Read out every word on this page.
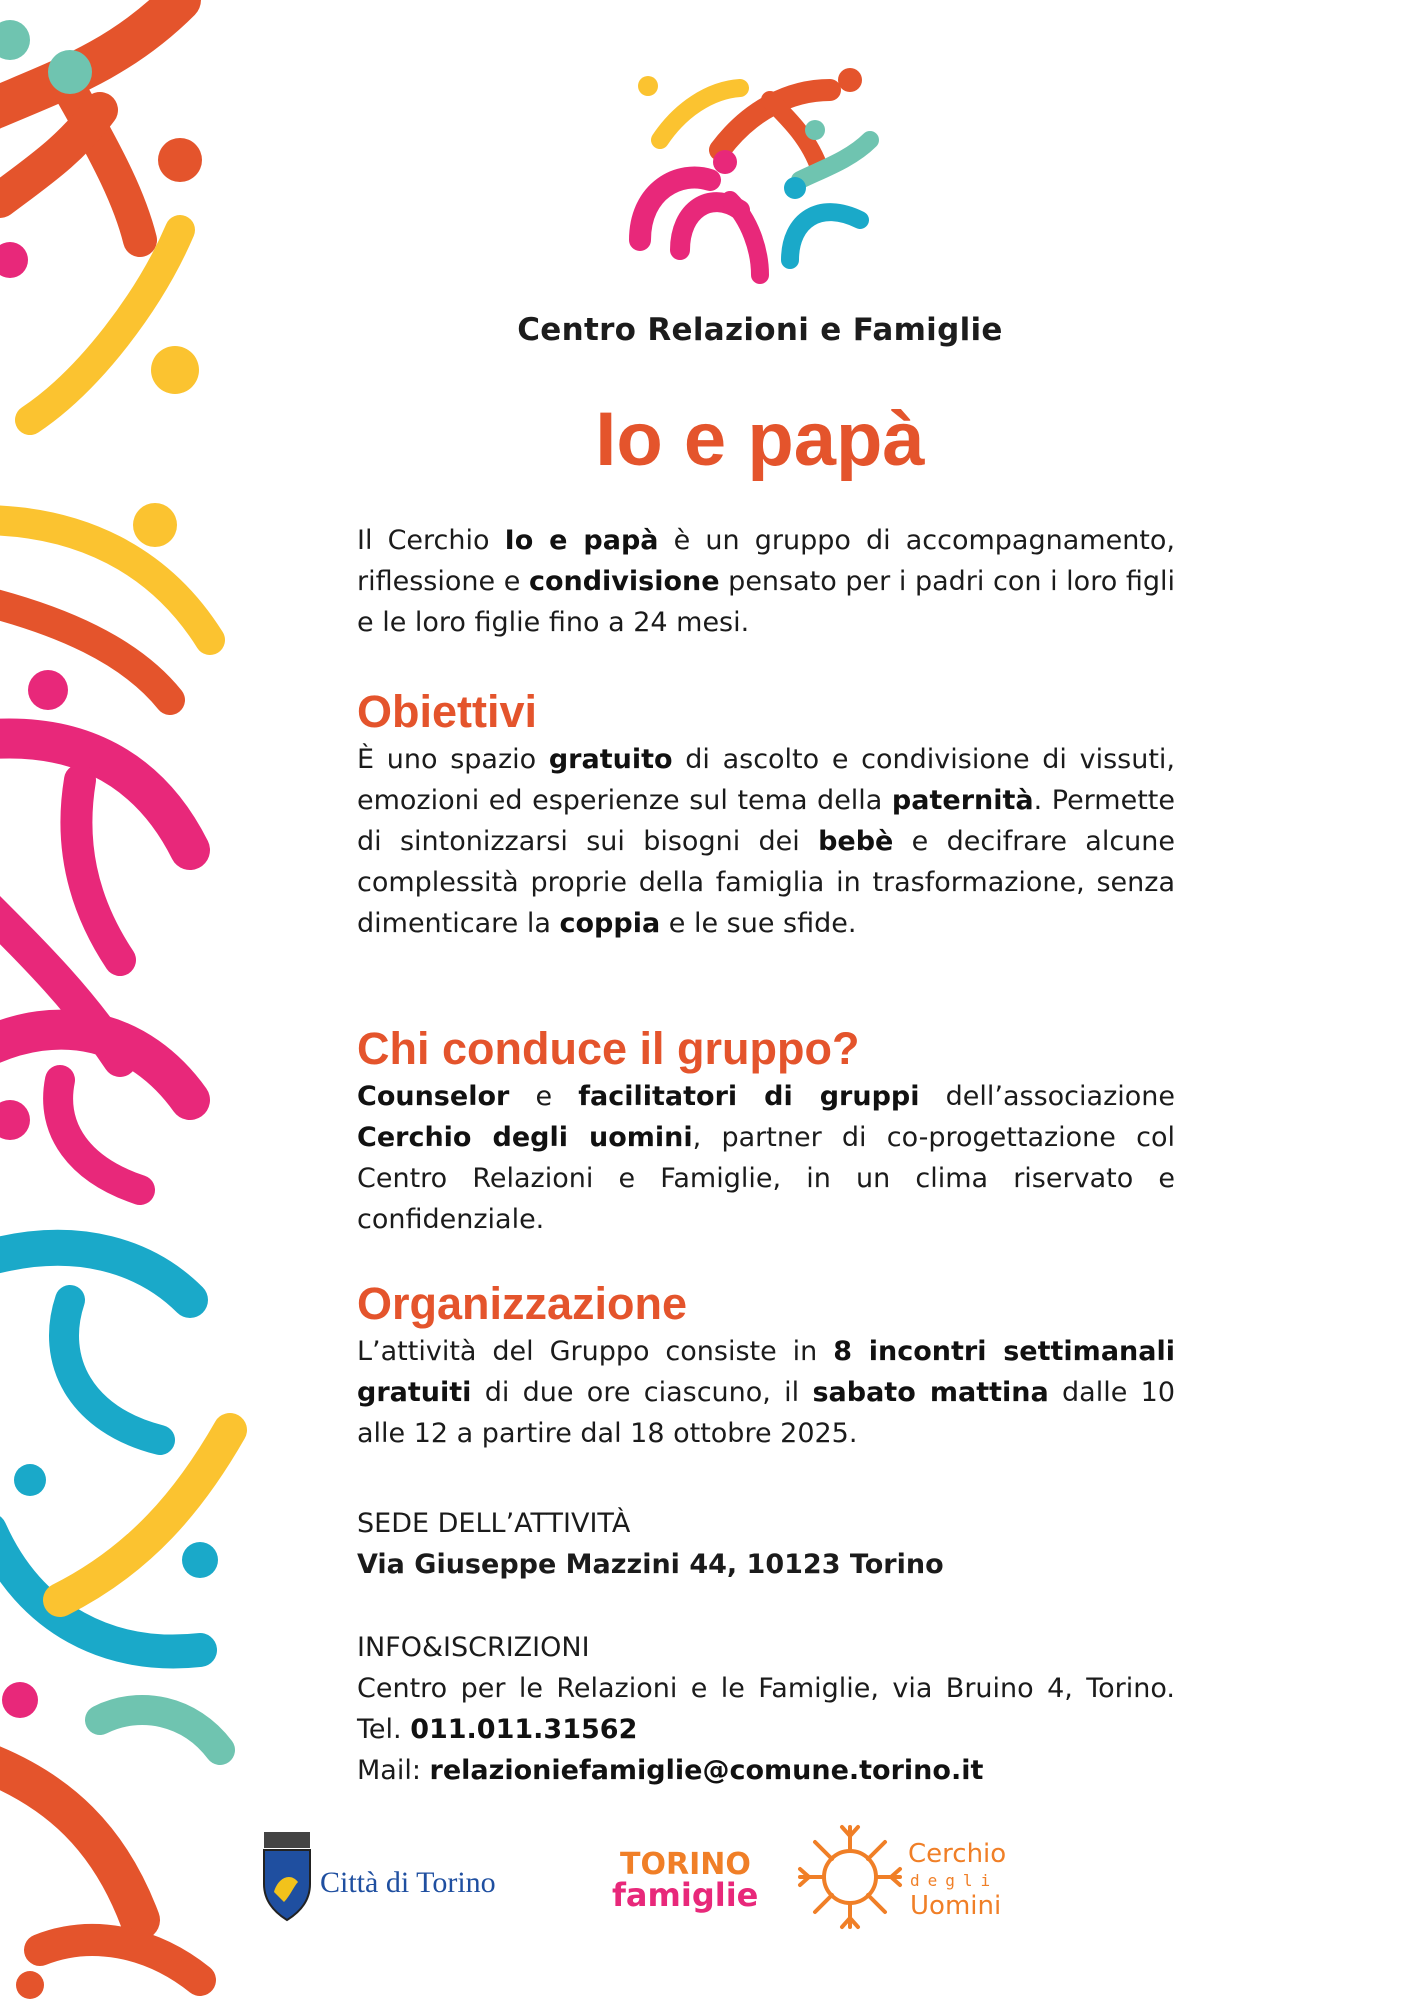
Centro Relazioni e Famiglie
Io e papà

Il Cerchio Io e papà è un gruppo di accompagnamento, riflessione e condivisione pensato per i padri con i loro figli e le loro figlie fino a 24 mesi.

Obiettivi

È uno spazio gratuito di ascolto e condivisione di vissuti, emozioni ed esperienze sul tema della paternità. Permette di sintonizzarsi sui bisogni dei bebè e decifrare alcune complessità proprie della famiglia in trasformazione, senza dimenticare la coppia e le sue sfide.

Chi conduce il gruppo?

Counselor e facilitatori di gruppi dell’associazione Cerchio degli uomini, partner di co-progettazione col Centro Relazioni e Famiglie, in un clima riservato e confidenziale.

Organizzazione

L’attività del Gruppo consiste in 8 incontri settimanali gratuiti di due ore ciascuno, il sabato mattina dalle 10 alle 12 a partire dal 18 ottobre 2025.

SEDE DELL’ATTIVITÀ

Via Giuseppe Mazzini 44, 10123 Torino

INFO&ISCRIZIONI

Centro per le Relazioni e le Famiglie, via Bruino 4, Torino. Tel. 011.011.31562

Mail: relazioniefamiglie@comune.torino.it

Città di Torino
TORINO
famiglie
Cerchio
degli
Uomini
